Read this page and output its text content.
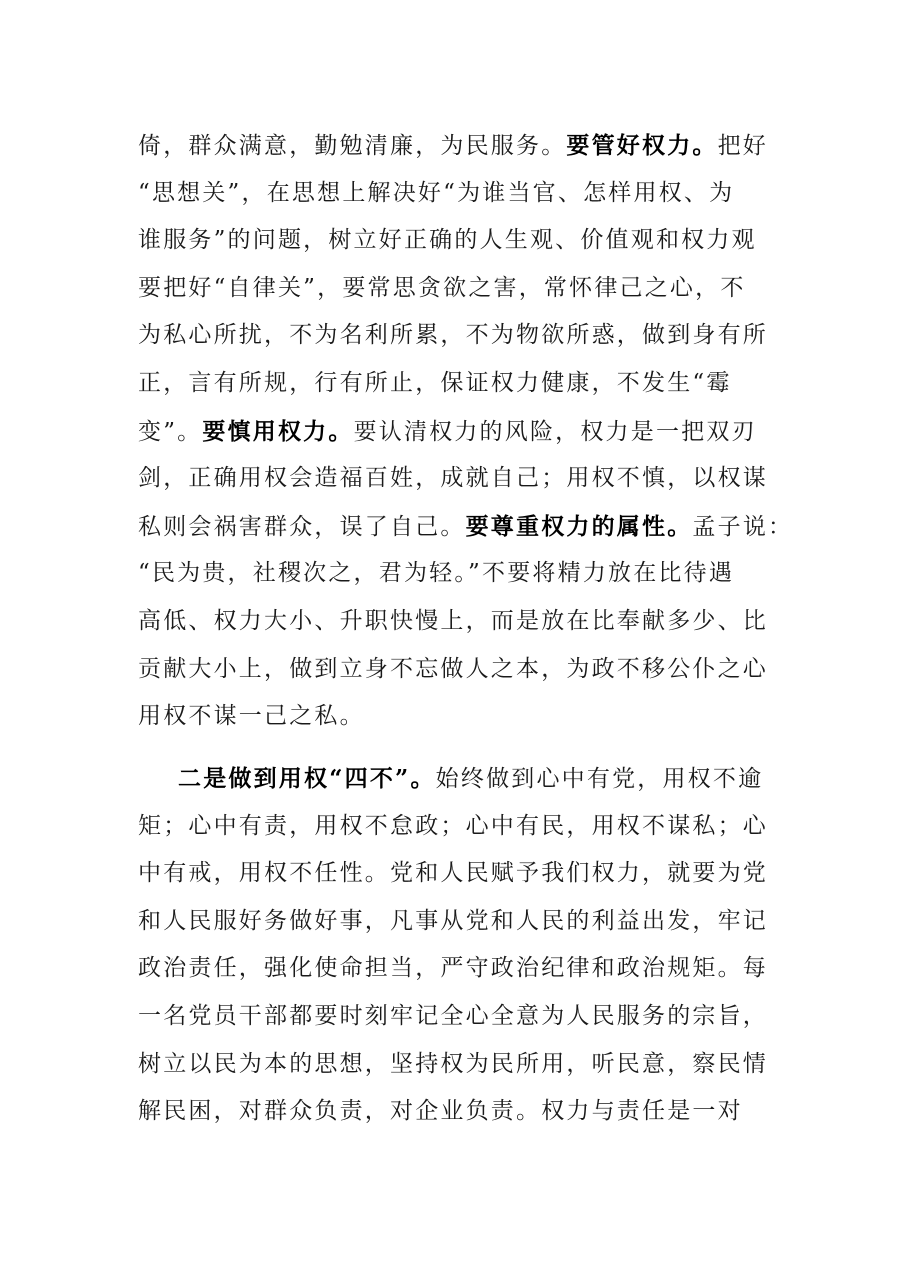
倚，群众满意，勤勉清廉，为民服务。要管好权力。把好
“思想关”，在思想上解决好“为谁当官、怎样用权、为
谁服务”的问题，树立好正确的人生观、价值观和权力观
要把好“自律关”，要常思贪欲之害，常怀律己之心，不
为私心所扰，不为名利所累，不为物欲所惑，做到身有所
正，言有所规，行有所止，保证权力健康，不发生“霉
变”。要慎用权力。要认清权力的风险，权力是一把双刃
剑，正确用权会造福百姓，成就自己；用权不慎，以权谋
私则会祸害群众，误了自己。要尊重权力的属性。孟子说：
“民为贵，社稷次之，君为轻。”不要将精力放在比待遇
高低、权力大小、升职快慢上，而是放在比奉献多少、比
贡献大小上，做到立身不忘做人之本，为政不移公仆之心
用权不谋一己之私。
二是做到用权“四不”。始终做到心中有党，用权不逾
矩；心中有责，用权不怠政；心中有民，用权不谋私；心
中有戒，用权不任性。党和人民赋予我们权力，就要为党
和人民服好务做好事，凡事从党和人民的利益出发，牢记
政治责任，强化使命担当，严守政治纪律和政治规矩。每
一名党员干部都要时刻牢记全心全意为人民服务的宗旨，
树立以民为本的思想，坚持权为民所用，听民意，察民情
解民困，对群众负责，对企业负责。权力与责任是一对
